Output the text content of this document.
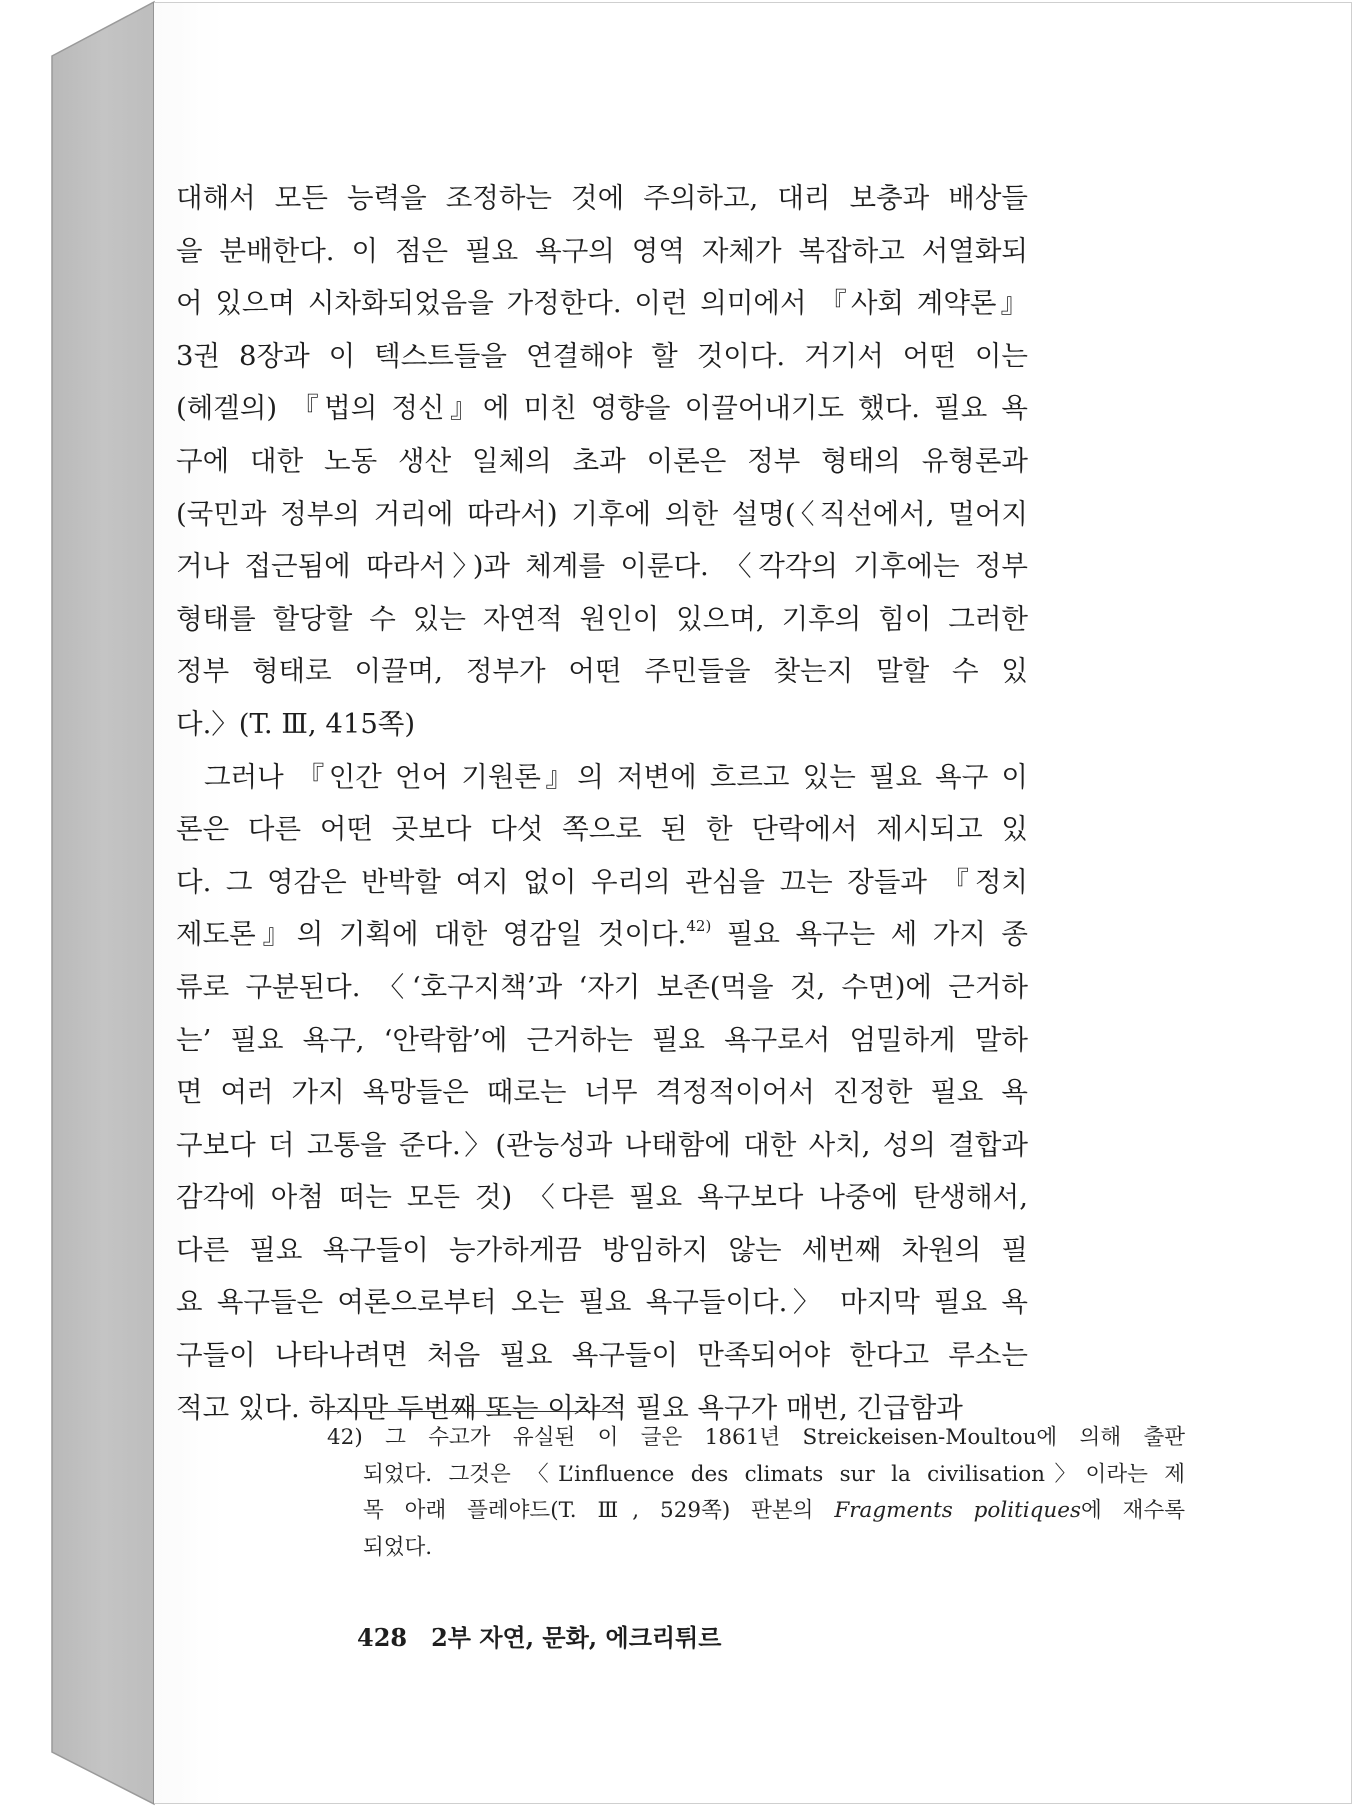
대해서 모든 능력을 조정하는 것에 주의하고, 대리 보충과 배상들
을 분배한다. 이 점은 필요 욕구의 영역 자체가 복잡하고 서열화되
어 있으며 시차화되었음을 가정한다. 이런 의미에서 『사회 계약론』
3권 8장과 이 텍스트들을 연결해야 할 것이다. 거기서 어떤 이는
(헤겔의) 『법의 정신』에 미친 영향을 이끌어내기도 했다. 필요 욕
구에 대한 노동 생산 일체의 초과 이론은 정부 형태의 유형론과
(국민과 정부의 거리에 따라서) 기후에 의한 설명(〈직선에서, 멀어지
거나 접근됨에 따라서〉)과 체계를 이룬다. 〈각각의 기후에는 정부
형태를 할당할 수 있는 자연적 원인이 있으며, 기후의 힘이 그러한
정부 형태로 이끌며, 정부가 어떤 주민들을 찾는지 말할 수 있
다.〉(T. Ⅲ, 415쪽)
그러나 『인간 언어 기원론』의 저변에 흐르고 있는 필요 욕구 이
론은 다른 어떤 곳보다 다섯 쪽으로 된 한 단락에서 제시되고 있
다. 그 영감은 반박할 여지 없이 우리의 관심을 끄는 장들과 『정치
제도론』의 기획에 대한 영감일 것이다.$^{42)}$ 필요 욕구는 세 가지 종
류로 구분된다. 〈‘호구지책’과 ‘자기 보존(먹을 것, 수면)에 근거하
는’ 필요 욕구, ‘안락함’에 근거하는 필요 욕구로서 엄밀하게 말하
면 여러 가지 욕망들은 때로는 너무 격정적이어서 진정한 필요 욕
구보다 더 고통을 준다.〉(관능성과 나태함에 대한 사치, 성의 결합과
감각에 아첨 떠는 모든 것) 〈다른 필요 욕구보다 나중에 탄생해서,
다른 필요 욕구들이 능가하게끔 방임하지 않는 세번째 차원의 필
요 욕구들은 여론으로부터 오는 필요 욕구들이다.〉 마지막 필요 욕
구들이 나타나려면 처음 필요 욕구들이 만족되어야 한다고 루소는
적고 있다. 하지만 두번째 또는 이차적 필요 욕구가 매번, 긴급함과
42) 그 수고가 유실된 이 글은 1861년 Streickeisen-Moultou에 의해 출판
되었다. 그것은 〈L’influence des climats sur la civilisation〉이라는 제
목 아래 플레야드(T. Ⅲ, 529쪽) 판본의 Fragments politiques에 재수록
되었다.
428 2부 자연, 문화, 에크리튀르
